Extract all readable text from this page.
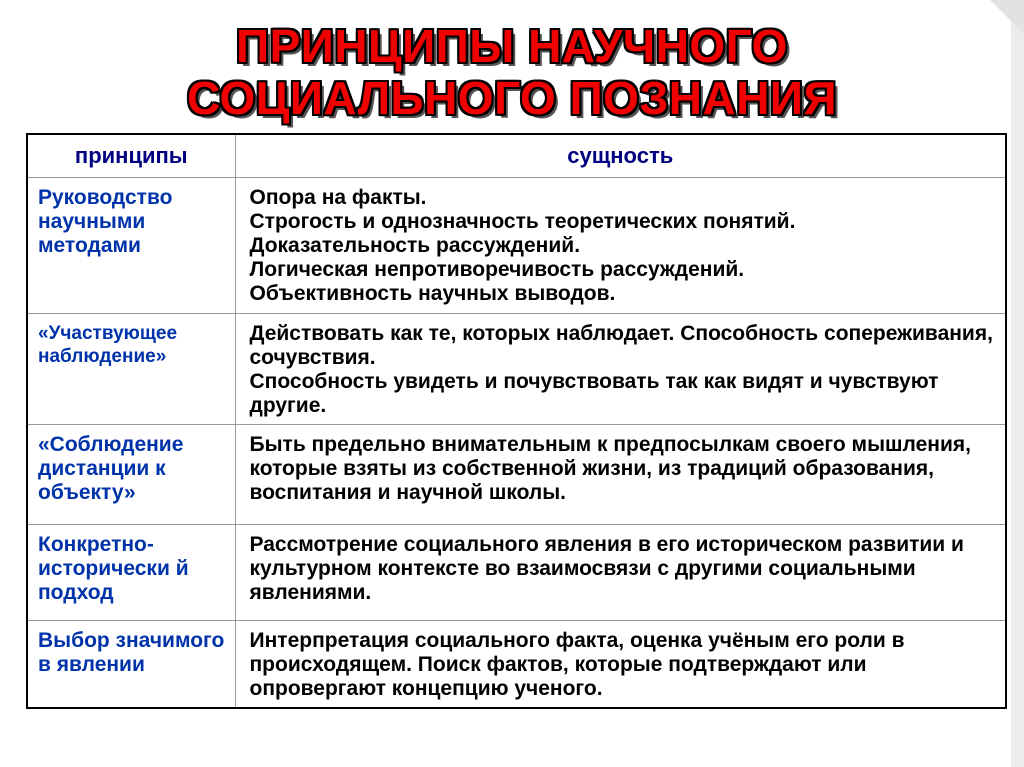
ПРИНЦИПЫ НАУЧНОГО
СОЦИАЛЬНОГО ПОЗНАНИЯ
принципы	сущность
Руководство научными методами	Опора на факты.
Строгость и однозначность теоретических понятий.
Доказательность рассуждений.
Логическая непротиворечивость рассуждений.
Объективность научных выводов.

«Участвующее наблюдение»	Действовать как те, которых наблюдает. Способность сопереживания, сочувствия.
Способность увидеть и почувствовать так как видят и чувствуют другие.

«Соблюдение дистанции к объекту»	Быть предельно внимательным к предпосылкам своего мышления, которые взяты из собственной жизни, из традиций образования, воспитания и научной школы.

Конкретно-исторически й подход	Рассмотрение социального явления в его историческом развитии и культурном контексте во взаимосвязи с другими социальными явлениями.

Выбор значимого в явлении	Интерпретация социального факта, оценка учёным его роли в происходящем. Поиск фактов, которые подтверждают или опровергают концепцию ученого.
